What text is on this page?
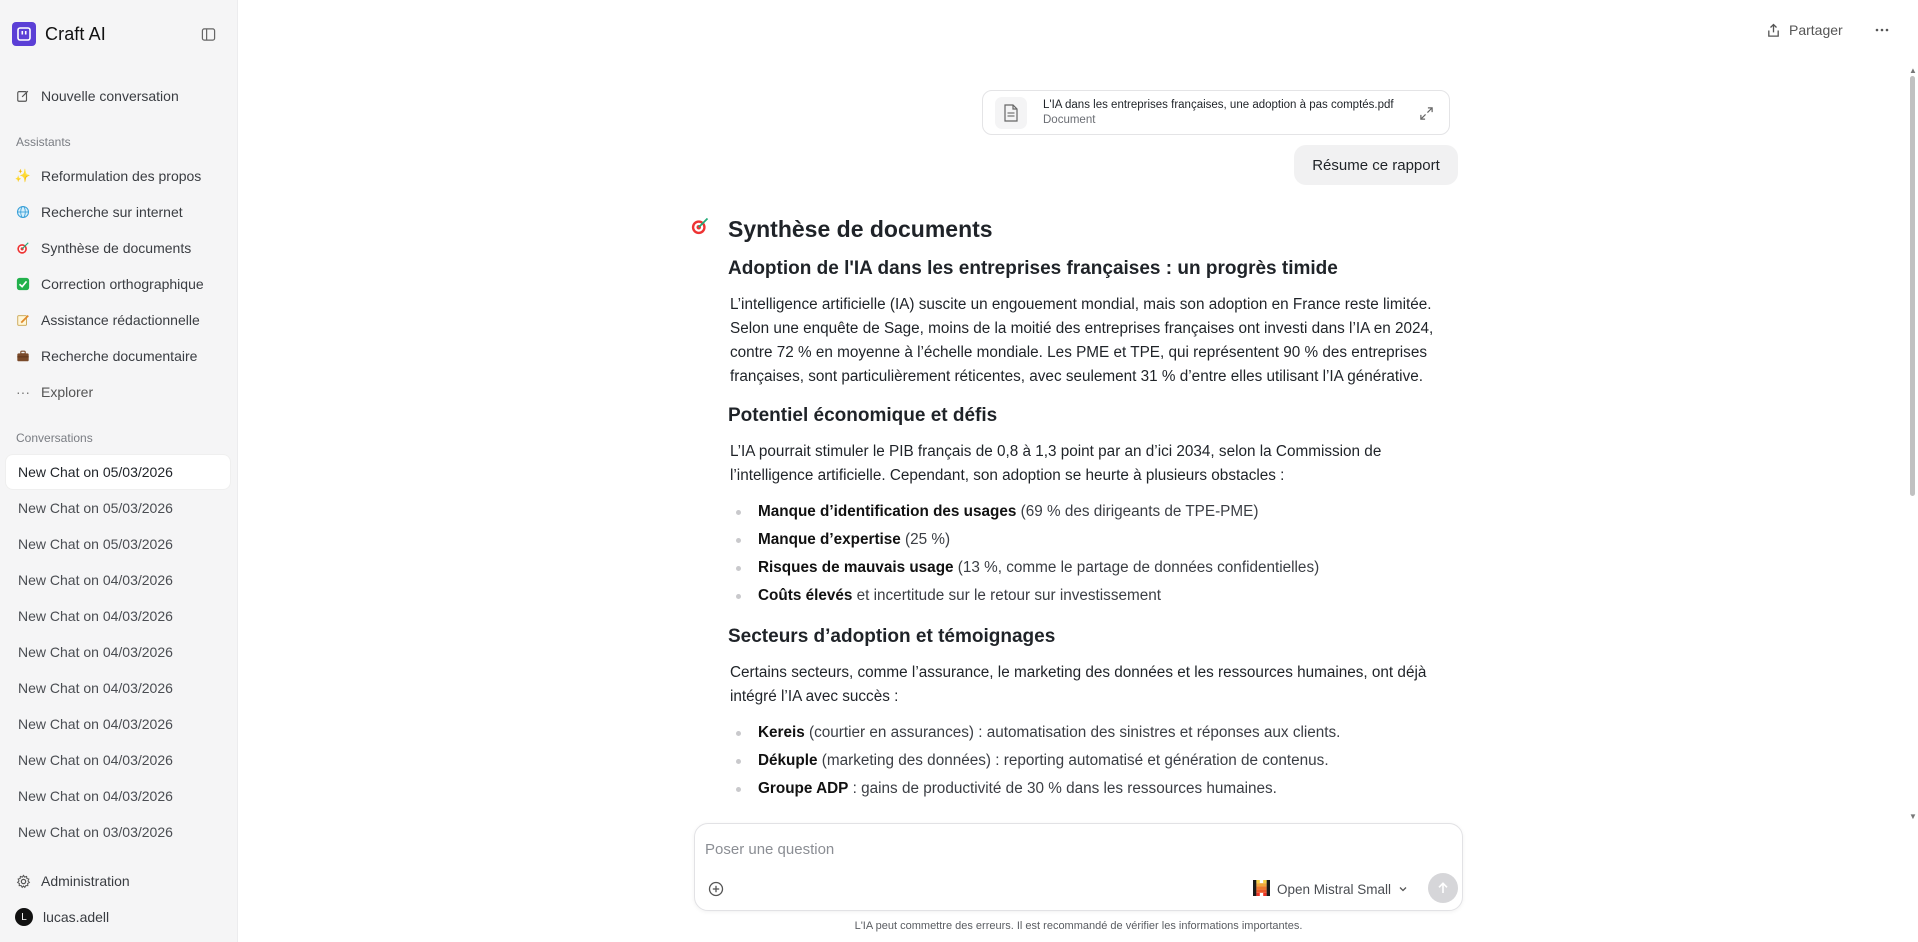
Craft AI
Nouvelle conversation
Assistants
✨ Reformulation des propos
Recherche sur internet
Synthèse de documents
Correction orthographique
Assistance rédactionnelle
Recherche documentaire
··· Explorer
Conversations
New Chat on 05/03/2026
New Chat on 05/03/2026
New Chat on 05/03/2026
New Chat on 04/03/2026
New Chat on 04/03/2026
New Chat on 04/03/2026
New Chat on 04/03/2026
New Chat on 04/03/2026
New Chat on 04/03/2026
New Chat on 04/03/2026
New Chat on 03/03/2026
Administration
L	lucas.adell
Partager
▲
▼
L'IA dans les entreprises françaises, une adoption à pas comptés.pdf
Document
Résume ce rapport
Synthèse de documents
Adoption de l'IA dans les entreprises françaises : un progrès timide

L’intelligence artificielle (IA) suscite un engouement mondial, mais son adoption en France reste limitée. Selon une enquête de Sage, moins de la moitié des entreprises françaises ont investi dans l’IA en 2024, contre 72 % en moyenne à l’échelle mondiale. Les PME et TPE, qui représentent 90 % des entreprises françaises, sont particulièrement réticentes, avec seulement 31 % d’entre elles utilisant l’IA générative.

Potentiel économique et défis

L’IA pourrait stimuler le PIB français de 0,8 à 1,3 point par an d’ici 2034, selon la Commission de l’intelligence artificielle. Cependant, son adoption se heurte à plusieurs obstacles :

Manque d’identification des usages (69 % des dirigeants de TPE-PME)
Manque d’expertise (25 %)
Risques de mauvais usage (13 %, comme le partage de données confidentielles)
Coûts élevés et incertitude sur le retour sur investissement
Secteurs d’adoption et témoignages

Certains secteurs, comme l’assurance, le marketing des données et les ressources humaines, ont déjà intégré l’IA avec succès :

Kereis (courtier en assurances) : automatisation des sinistres et réponses aux clients.
Dékuple (marketing des données) : reporting automatisé et génération de contenus.
Groupe ADP : gains de productivité de 30 % dans les ressources humaines.
Poser une question
Open Mistral Small
L'IA peut commettre des erreurs. Il est recommandé de vérifier les informations importantes.
